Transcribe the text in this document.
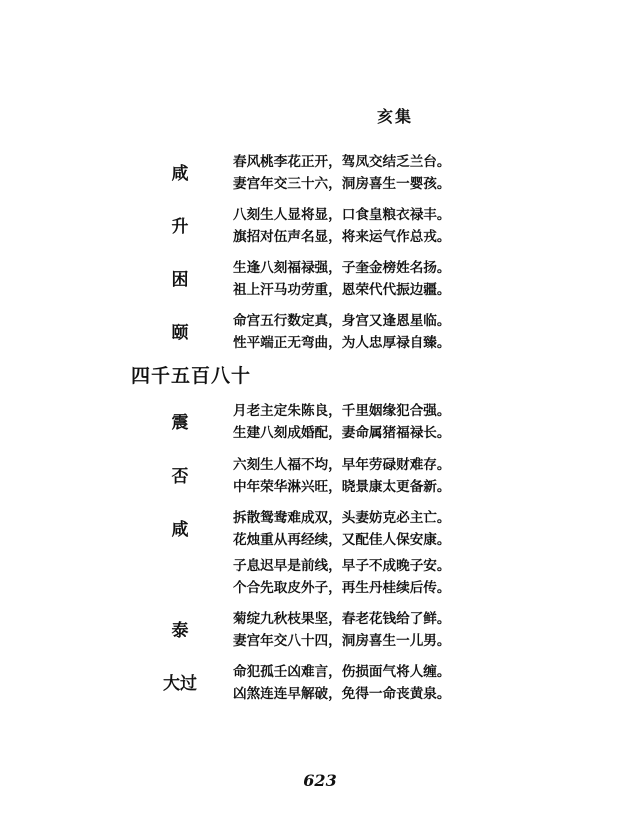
亥集
咸
春风桃李花正开，驾凤交结乏兰台。
妻宫年交三十六，洞房喜生一婴孩。
升
八刻生人显将显，口食皇粮衣禄丰。
旗招对伍声名显，将来运气作总戎。
困
生逢八刻福禄强，子奎金榜姓名扬。
祖上汗马功劳重，恩荣代代振边疆。
颐
命宫五行数定真，身宫又逢恩星临。
性平端正无弯曲，为人忠厚禄自臻。
四千五百八十
震
月老主定朱陈良，千里姻缘犯合强。
生建八刻成婚配，妻命属猪福禄长。
否
六刻生人福不均，早年劳碌财难存。
中年荣华淋兴旺，晓景康太更备新。
咸
拆散鸳鸯难成双，头妻妨克必主亡。
花烛重从再经续，又配佳人保安康。
子息迟早是前线，早子不成晚子安。
个合先取皮外子，再生丹桂续后传。
泰
菊绽九秋枝果坚，春老花钱给了鲜。
妻宫年交八十四，洞房喜生一儿男。
大过
命犯孤壬凶难言，伤损面气将人缠。
凶煞连连早解破，免得一命丧黄泉。
623
